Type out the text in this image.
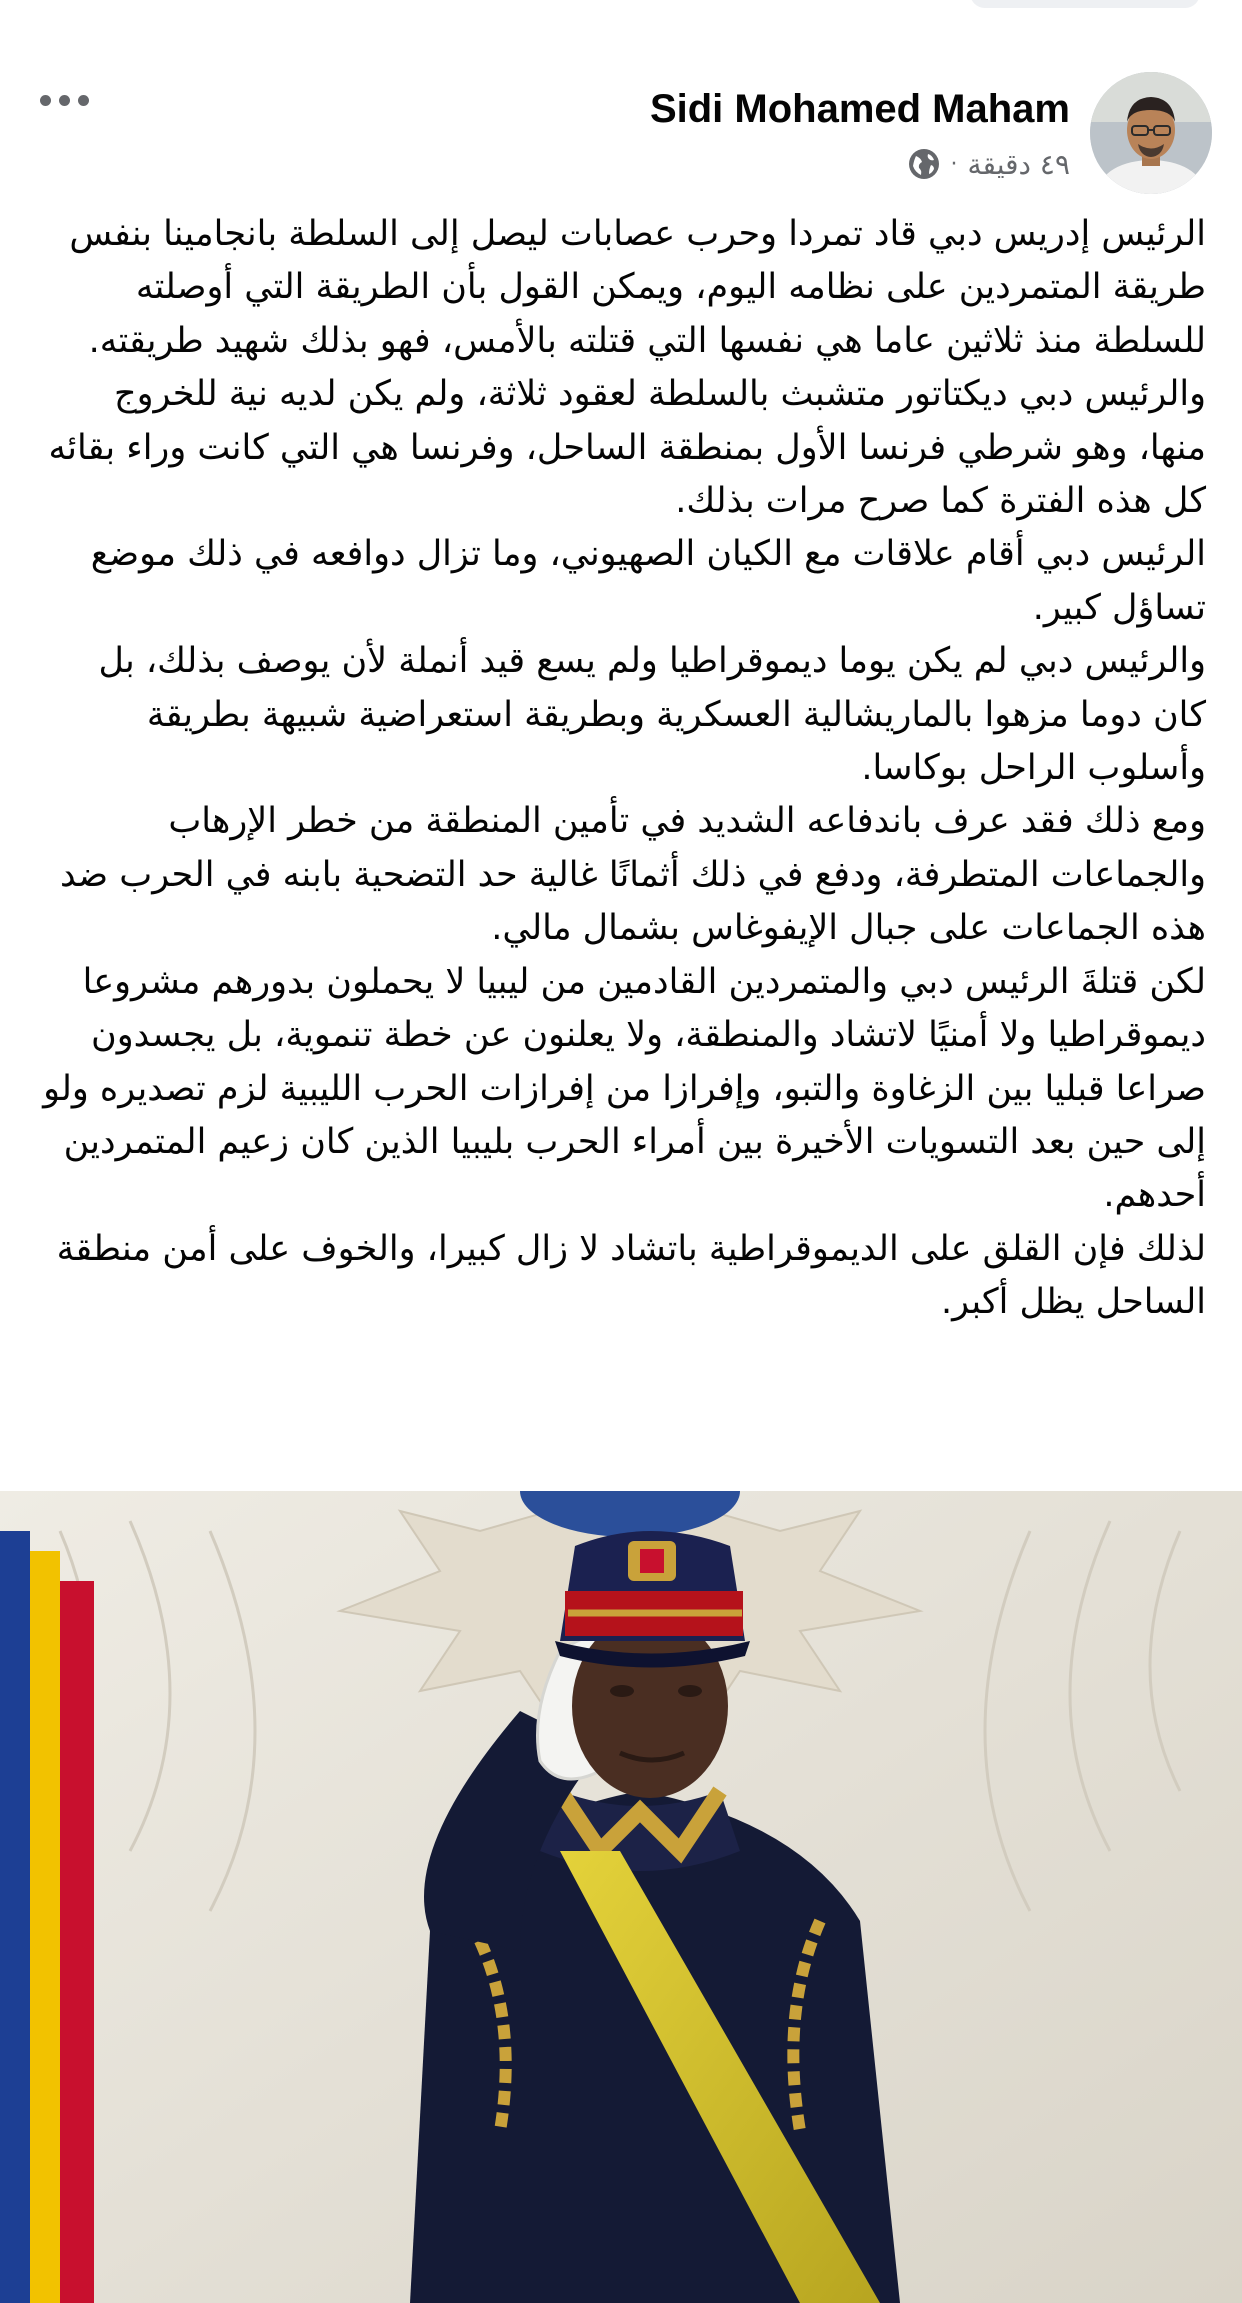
Sidi Mohamed Maham
٤٩ دقيقة
·

الرئيس إدريس دبي قاد تمردا وحرب عصابات ليصل إلى السلطة بانجامينا بنفس طريقة المتمردين على نظامه اليوم، ويمكن القول بأن الطريقة التي أوصلته للسلطة منذ ثلاثين عاما هي نفسها التي قتلته بالأمس، فهو بذلك شهيد طريقته.

والرئيس دبي ديكتاتور متشبث بالسلطة لعقود ثلاثة، ولم يكن لديه نية للخروج منها، وهو شرطي فرنسا الأول بمنطقة الساحل، وفرنسا هي التي كانت وراء بقائه كل هذه الفترة كما صرح مرات بذلك.

الرئيس دبي أقام علاقات مع الكيان الصهيوني، وما تزال دوافعه في ذلك موضع تساؤل كبير.

والرئيس دبي لم يكن يوما ديموقراطيا ولم يسع قيد أنملة لأن يوصف بذلك، بل كان دوما مزهوا بالماريشالية العسكرية وبطريقة استعراضية شبيهة بطريقة وأسلوب الراحل بوكاسا.

ومع ذلك فقد عرف باندفاعه الشديد في تأمين المنطقة من خطر الإرهاب والجماعات المتطرفة، ودفع في ذلك أثمانًا غالية حد التضحية بابنه في الحرب ضد هذه الجماعات على جبال الإيفوغاس بشمال مالي.

لكن قتلةَ الرئيس دبي والمتمردين القادمين من ليبيا لا يحملون بدورهم مشروعا ديموقراطيا ولا أمنيًا لاتشاد والمنطقة، ولا يعلنون عن خطة تنموية، بل يجسدون صراعا قبليا بين الزغاوة والتبو، وإفرازا من إفرازات الحرب الليبية لزم تصديره ولو إلى حين بعد التسويات الأخيرة بين أمراء الحرب بليبيا الذين كان زعيم المتمردين أحدهم.

لذلك فإن القلق على الديموقراطية باتشاد لا زال كبيرا، والخوف على أمن منطقة الساحل يظل أكبر.
